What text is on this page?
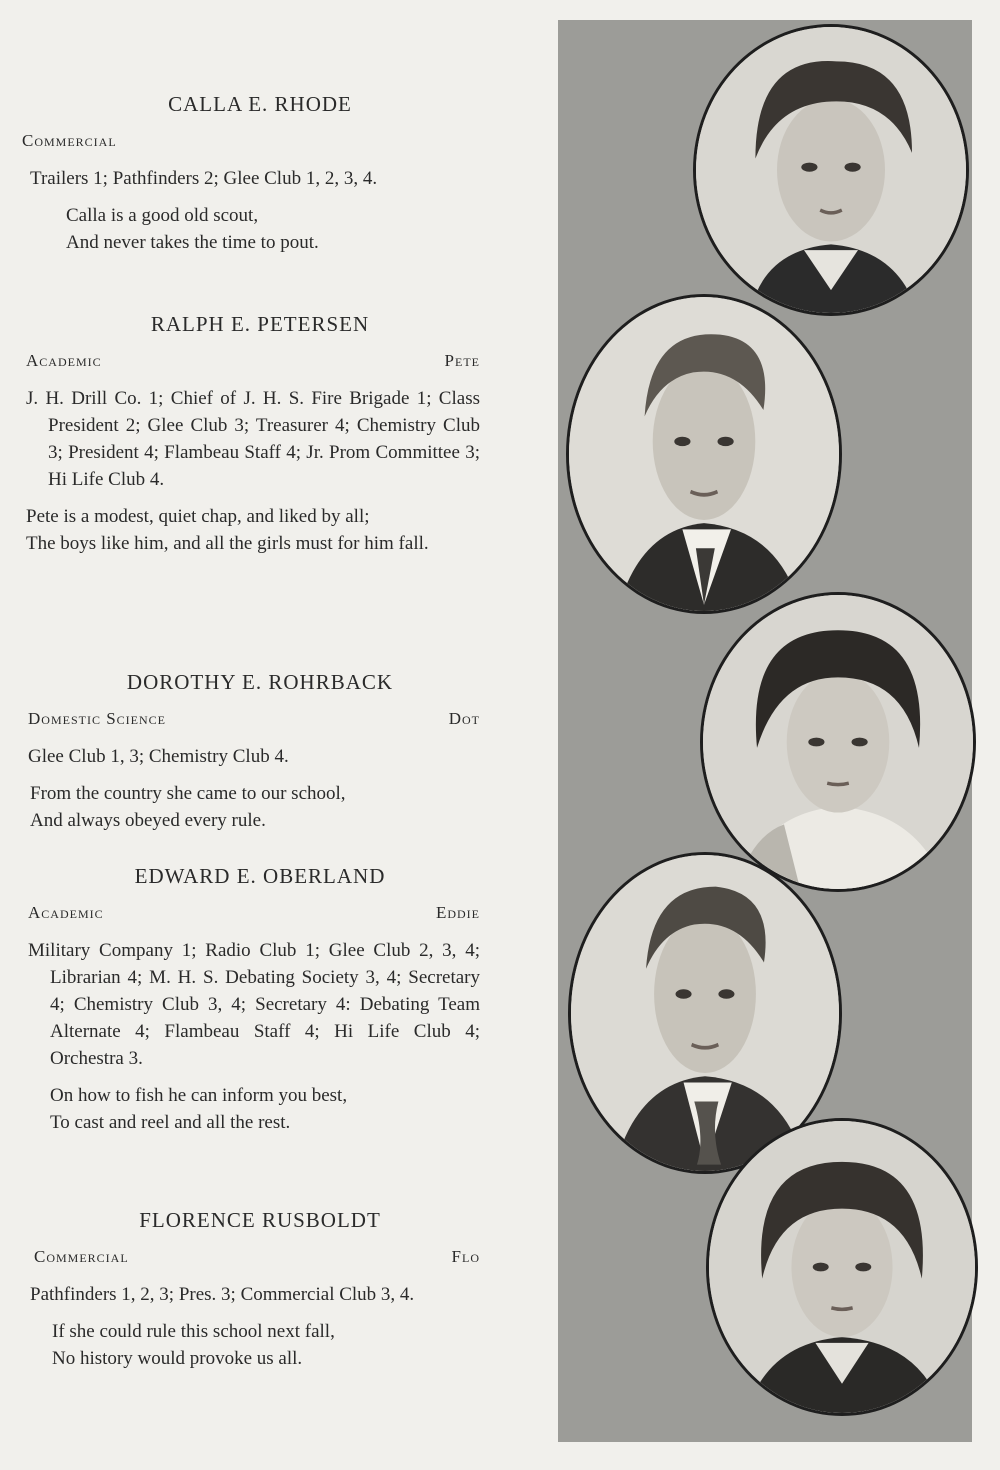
CALLA E. RHODE
Commercial
Trailers 1; Pathfinders 2; Glee Club 1, 2, 3, 4.
Calla is a good old scout,
And never takes the time to pout.
RALPH E. PETERSEN
Academic	Pete
J. H. Drill Co. 1; Chief of J. H. S. Fire Brigade 1; Class President 2; Glee Club 3; Treasurer 4; Chemistry Club 3; President 4; Flambeau Staff 4; Jr. Prom Committee 3; Hi Life Club 4.
Pete is a modest, quiet chap, and liked by all;
The boys like him, and all the girls must for him fall.
DOROTHY E. ROHRBACK
Domestic Science	Dot
Glee Club 1, 3; Chemistry Club 4.
From the country she came to our school,
And always obeyed every rule.
EDWARD E. OBERLAND
Academic	Eddie
Military Company 1; Radio Club 1; Glee Club 2, 3, 4; Librarian 4; M. H. S. Debating Society 3, 4; Secretary 4; Chemistry Club 3, 4; Secretary 4: Debating Team Alternate 4; Flambeau Staff 4; Hi Life Club 4; Orchestra 3.
On how to fish he can inform you best,
To cast and reel and all the rest.
FLORENCE RUSBOLDT
Commercial	Flo
Pathfinders 1, 2, 3; Pres. 3; Commercial Club 3, 4.
If she could rule this school next fall,
No history would provoke us all.
